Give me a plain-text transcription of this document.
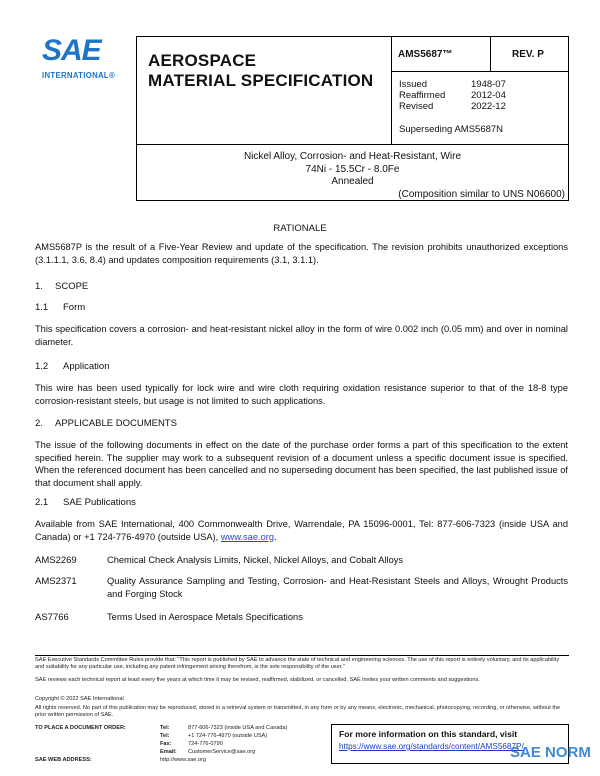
SAE
INTERNATIONAL®
AEROSPACE
MATERIAL SPECIFICATION
AMS5687™	REV. P
Issued	1948-07
Reaffirmed	2012-04
Revised	2022-12
Superseding AMS5687N
Nickel Alloy, Corrosion- and Heat-Resistant, Wire
74Ni - 15.5Cr - 8.0Fe
Annealed
(Composition similar to UNS N06600)
RATIONALE
AMS5687P is the result of a Five-Year Review and update of the specification. The revision prohibits unauthorized exceptions (3.1.1.1, 3.6, 8.4) and updates composition requirements (3.1, 3.1.1).
1. SCOPE
1.1 Form
This specification covers a corrosion- and heat-resistant nickel alloy in the form of wire 0.002 inch (0.05 mm) and over in nominal diameter.
1.2 Application
This wire has been used typically for lock wire and wire cloth requiring oxidation resistance superior to that of the 18-8 type corrosion-resistant steels, but usage is not limited to such applications.
2. APPLICABLE DOCUMENTS
The issue of the following documents in effect on the date of the purchase order forms a part of this specification to the extent specified herein. The supplier may work to a subsequent revision of a document unless a specific document issue is specified. When the referenced document has been cancelled and no superseding document has been specified, the last published issue of that document shall apply.
2.1 SAE Publications
Available from SAE International, 400 Commonwealth Drive, Warrendale, PA 15096-0001, Tel: 877-606-7323 (inside USA and Canada) or +1 724-776-4970 (outside USA), www.sae.org.
AMS2269	Chemical Check Analysis Limits, Nickel, Nickel Alloys, and Cobalt Alloys
AMS2371	Quality Assurance Sampling and Testing, Corrosion- and Heat-Resistant Steels and Alloys, Wrought Products and Forging Stock
AS7766	Terms Used in Aerospace Metals Specifications
SAE Executive Standards Committee Rules provide that: "This report is published by SAE to advance the state of technical and engineering sciences. The use of this report is entirely voluntary, and its applicability and suitability for any particular use, including any patent infringement arising therefrom, is the sole responsibility of the user."
SAE reviews each technical report at least every five years at which time it may be revised, reaffirmed, stabilized, or cancelled. SAE invites your written comments and suggestions.
Copyright © 2022 SAE International
All rights reserved. No part of this publication may be reproduced, stored in a retrieval system or transmitted, in any form or by any means, electronic, mechanical, photocopying, recording, or otherwise, without the prior written permission of SAE.
TO PLACE A DOCUMENT ORDER:	Tel:	877-606-7323 (inside USA and Canada)
Tel:	+1 724-776-4970 (outside USA)
Fax:	724-776-0790
Email: CustomerService@sae.org
SAE WEB ADDRESS:	http://www.sae.org
For more information on this standard, visit
https://www.sae.org/standards/content/AMS5687P/
SAE NORM
